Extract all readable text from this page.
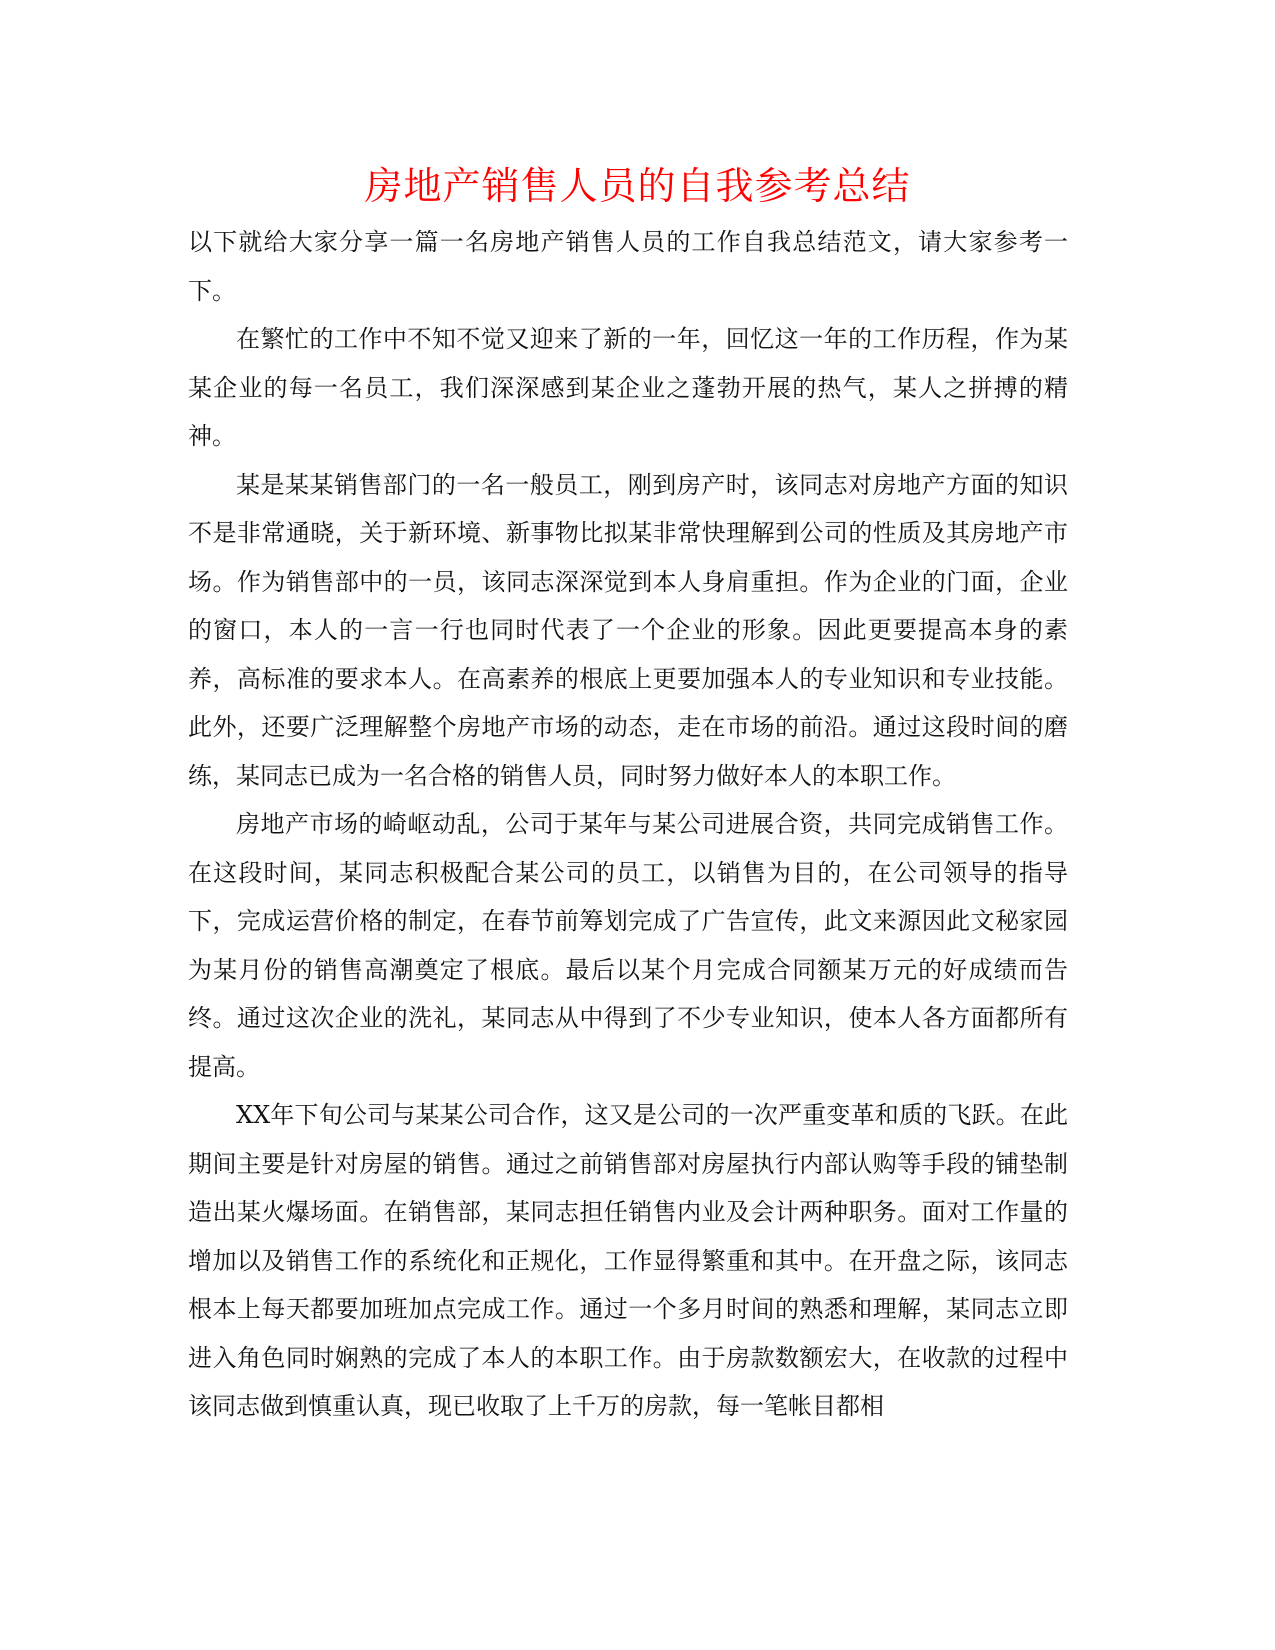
房地产销售人员的自我参考总结

以下就给大家分享一篇一名房地产销售人员的工作自我总结范文，请大家参考一下。

在繁忙的工作中不知不觉又迎来了新的一年，回忆这一年的工作历程，作为某某企业的每一名员工，我们深深感到某企业之蓬勃开展的热气，某人之拼搏的精神。

某是某某销售部门的一名一般员工，刚到房产时，该同志对房地产方面的知识不是非常通晓，关于新环境、新事物比拟某非常快理解到公司的性质及其房地产市场。作为销售部中的一员，该同志深深觉到本人身肩重担。作为企业的门面，企业的窗口，本人的一言一行也同时代表了一个企业的形象。因此更要提高本身的素养，高标准的要求本人。在高素养的根底上更要加强本人的专业知识和专业技能。此外，还要广泛理解整个房地产市场的动态，走在市场的前沿。通过这段时间的磨练，某同志已成为一名合格的销售人员，同时努力做好本人的本职工作。

房地产市场的崎岖动乱，公司于某年与某公司进展合资，共同完成销售工作。在这段时间，某同志积极配合某公司的员工，以销售为目的，在公司领导的指导下，完成运营价格的制定，在春节前筹划完成了广告宣传，此文来源因此文秘家园为某月份的销售高潮奠定了根底。最后以某个月完成合同额某万元的好成绩而告终。通过这次企业的洗礼，某同志从中得到了不少专业知识，使本人各方面都所有提高。

XX年下旬公司与某某公司合作，这又是公司的一次严重变革和质的飞跃。在此期间主要是针对房屋的销售。通过之前销售部对房屋执行内部认购等手段的铺垫制造出某火爆场面。在销售部，某同志担任销售内业及会计两种职务。面对工作量的增加以及销售工作的系统化和正规化，工作显得繁重和其中。在开盘之际，该同志根本上每天都要加班加点完成工作。通过一个多月时间的熟悉和理解，某同志立即进入角色同时娴熟的完成了本人的本职工作。由于房款数额宏大，在收款的过程中该同志做到慎重认真，现已收取了上千万的房款，每一笔帐目都相
